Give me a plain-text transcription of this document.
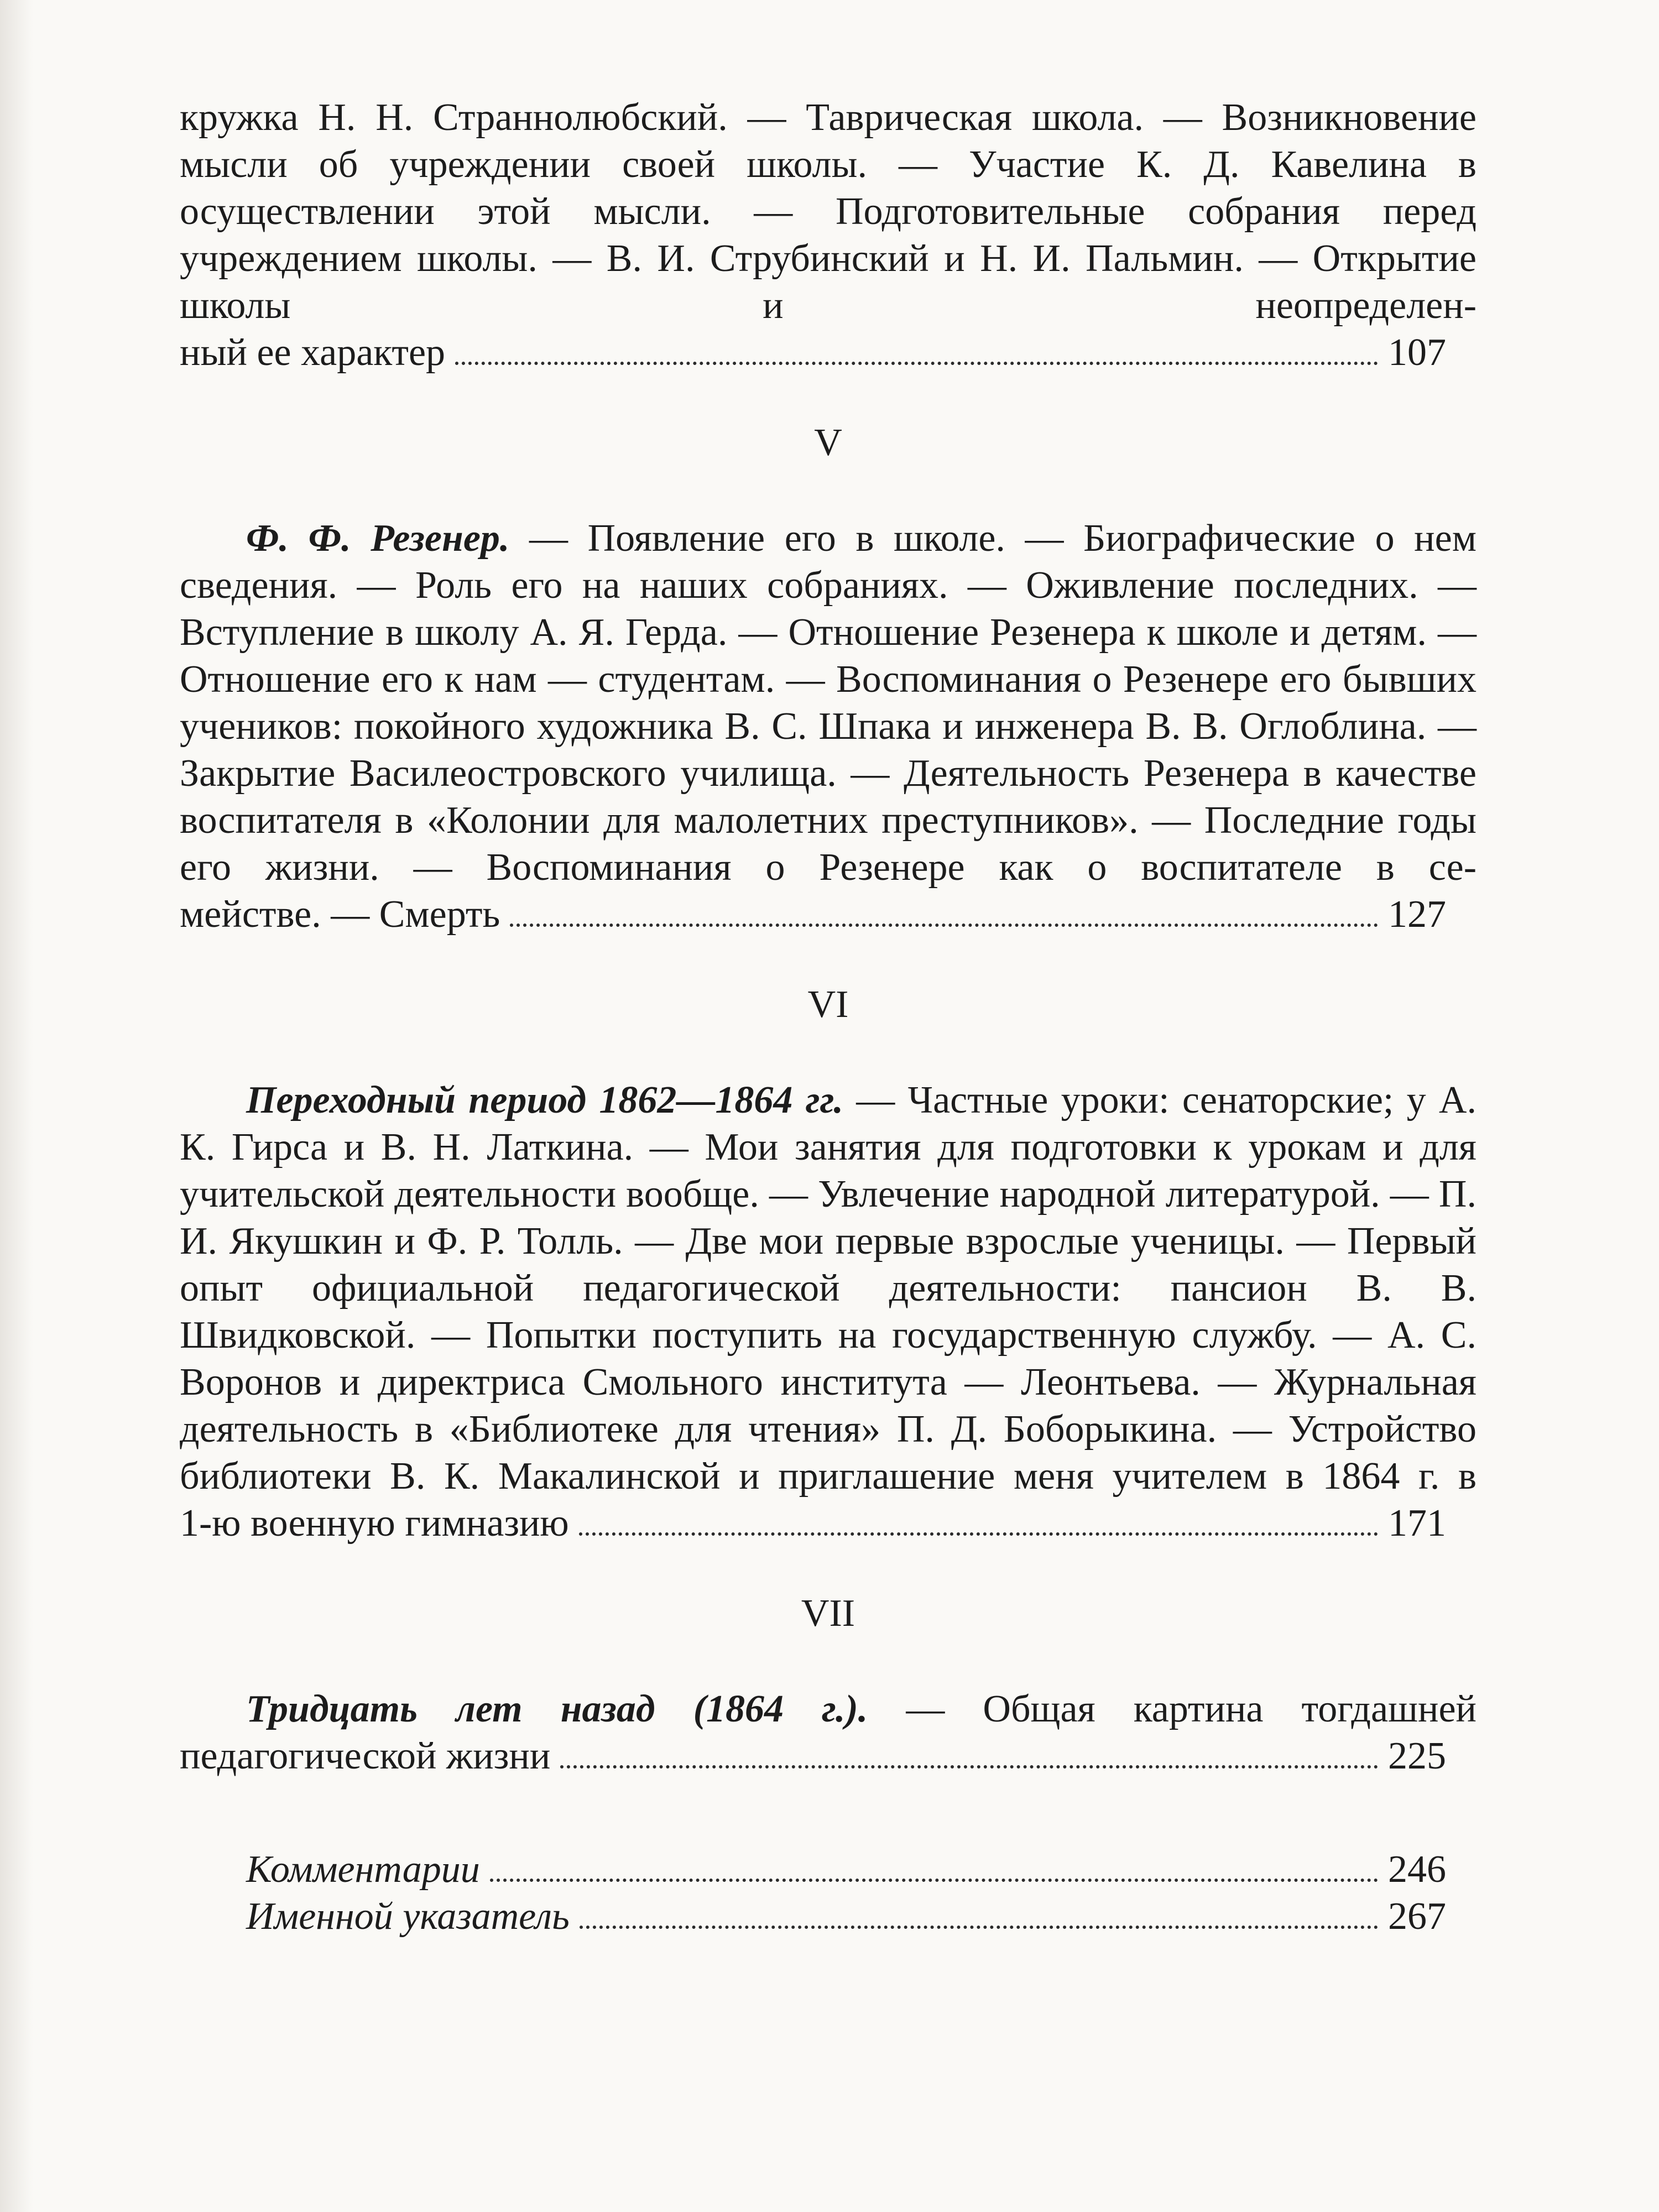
кружка Н. Н. Страннолюбский. — Таврическая школа. — Возникновение мысли об учреждении своей школы. — Участие К. Д. Кавелина в осуществлении этой мысли. — Подготовительные собрания перед учреждением школы. — В. И. Струбинский и Н. И. Пальмин. — Открытие школы и неопределен-

ный ее характер	107
V

Ф. Ф. Резенер. — Появление его в школе. — Биографические о нем сведения. — Роль его на наших собраниях. — Оживление последних. — Вступление в школу А. Я. Герда. — Отношение Резенера к школе и детям. — Отношение его к нам — студентам. — Воспоминания о Резенере его бывших учеников: покойного художника В. С. Шпака и инженера В. В. Оглоблина. — Закрытие Василеостровского училища. — Деятельность Резенера в качестве воспитателя в «Колонии для малолетних преступников». — Последние годы его жизни. — Воспоминания о Резенере как о воспитателе в се-

мействе. — Смерть	127
VI

Переходный период 1862—1864 гг. — Частные уроки: сенаторские; у А. К. Гирса и В. Н. Латкина. — Мои занятия для подготовки к урокам и для учительской деятельности вообще. — Увлечение народной литературой. — П. И. Якушкин и Ф. Р. Толль. — Две мои первые взрослые ученицы. — Первый опыт официальной педагогической деятельности: пансион В. В. Швидковской. — Попытки поступить на государственную службу. — А. С. Воронов и директриса Смольного института — Леонтьева. — Журнальная деятельность в «Библиотеке для чтения» П. Д. Боборыкина. — Устройство библиотеки В. К. Макалинской и приглашение меня учителем в 1864 г. в

1-ю военную гимназию	171
VII

Тридцать лет назад (1864 г.). — Общая картина тогдашней

педагогической жизни	225
Комментарии	246
Именной указатель	267
